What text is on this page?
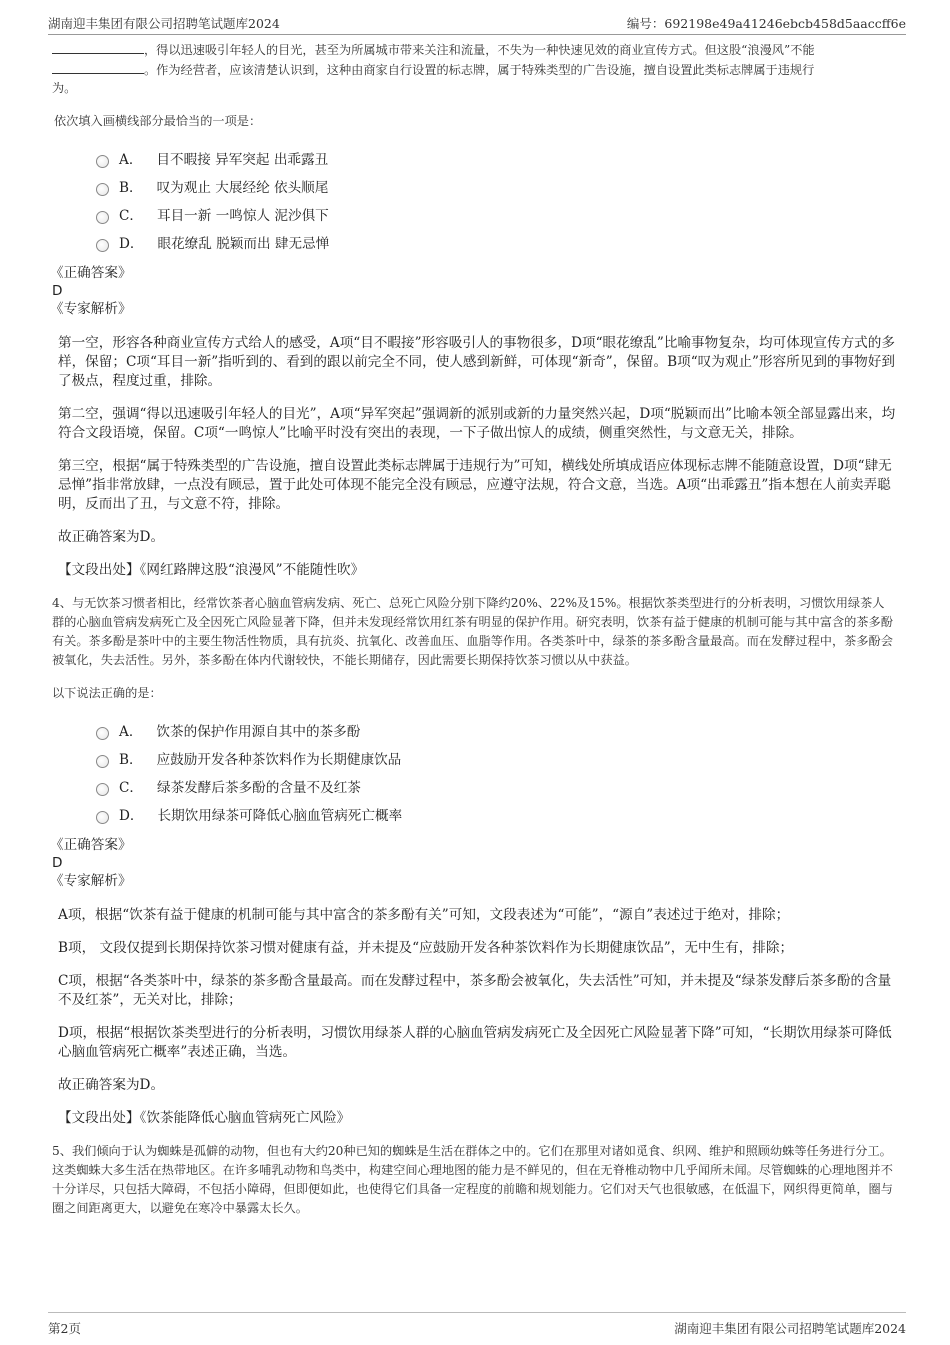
湖南迎丰集团有限公司招聘笔试题库2024	编号：692198e49a41246ebcb458d5aaccff6e
，得以迅速吸引年轻人的目光，甚至为所属城市带来关注和流量，不失为一种快速见效的商业宣传方式。但这股“浪漫风”不能
。作为经营者，应该清楚认识到，这种由商家自行设置的标志牌，属于特殊类型的广告设施，擅自设置此类标志牌属于违规行
为。
依次填入画横线部分最恰当的一项是：
A． 目不暇接 异军突起 出乖露丑
B． 叹为观止 大展经纶 依头顺尾
C． 耳目一新 一鸣惊人 泥沙俱下
D． 眼花缭乱 脱颖而出 肆无忌惮
《正确答案》
D
《专家解析》
第一空，形容各种商业宣传方式给人的感受，A项“目不暇接”形容吸引人的事物很多，D项“眼花缭乱”比喻事物复杂，均可体现宣传方式的多样，保留；C项“耳目一新”指听到的、看到的跟以前完全不同，使人感到新鲜，可体现“新奇”，保留。B项“叹为观止”形容所见到的事物好到了极点，程度过重，排除。
第二空，强调“得以迅速吸引年轻人的目光”，A项“异军突起”强调新的派别或新的力量突然兴起，D项“脱颖而出”比喻本领全部显露出来，均符合文段语境，保留。C项“一鸣惊人”比喻平时没有突出的表现，一下子做出惊人的成绩，侧重突然性，与文意无关，排除。
第三空，根据“属于特殊类型的广告设施，擅自设置此类标志牌属于违规行为”可知，横线处所填成语应体现标志牌不能随意设置，D项“肆无忌惮”指非常放肆，一点没有顾忌，置于此处可体现不能完全没有顾忌，应遵守法规，符合文意，当选。A项“出乖露丑”指本想在人前卖弄聪明，反而出了丑，与文意不符，排除。
故正确答案为D。
【文段出处】《网红路牌这股“浪漫风”不能随性吹》
4、与无饮茶习惯者相比，经常饮茶者心脑血管病发病、死亡、总死亡风险分别下降约20%、22%及15%。根据饮茶类型进行的分析表明，习惯饮用绿茶人群的心脑血管病发病死亡及全因死亡风险显著下降，但并未发现经常饮用红茶有明显的保护作用。研究表明，饮茶有益于健康的机制可能与其中富含的茶多酚有关。茶多酚是茶叶中的主要生物活性物质，具有抗炎、抗氧化、改善血压、血脂等作用。各类茶叶中，绿茶的茶多酚含量最高。而在发酵过程中，茶多酚会被氧化，失去活性。另外，茶多酚在体内代谢较快，不能长期储存，因此需要长期保持饮茶习惯以从中获益。
以下说法正确的是：
A． 饮茶的保护作用源自其中的茶多酚
B． 应鼓励开发各种茶饮料作为长期健康饮品
C． 绿茶发酵后茶多酚的含量不及红茶
D． 长期饮用绿茶可降低心脑血管病死亡概率
《正确答案》
D
《专家解析》
A项，根据“饮茶有益于健康的机制可能与其中富含的茶多酚有关”可知，文段表述为“可能”，“源自”表述过于绝对，排除；
B项， 文段仅提到长期保持饮茶习惯对健康有益，并未提及“应鼓励开发各种茶饮料作为长期健康饮品”，无中生有，排除；
C项，根据“各类茶叶中，绿茶的茶多酚含量最高。而在发酵过程中，茶多酚会被氧化，失去活性”可知，并未提及“绿茶发酵后茶多酚的含量不及红茶”，无关对比，排除；
D项，根据“根据饮茶类型进行的分析表明，习惯饮用绿茶人群的心脑血管病发病死亡及全因死亡风险显著下降”可知，“长期饮用绿茶可降低心脑血管病死亡概率”表述正确，当选。
故正确答案为D。
【文段出处】《饮茶能降低心脑血管病死亡风险》
5、我们倾向于认为蜘蛛是孤僻的动物，但也有大约20种已知的蜘蛛是生活在群体之中的。它们在那里对诸如觅食、织网、维护和照顾幼蛛等任务进行分工。这类蜘蛛大多生活在热带地区。在许多哺乳动物和鸟类中，构建空间心理地图的能力是不鲜见的，但在无脊椎动物中几乎闻所未闻。尽管蜘蛛的心理地图并不十分详尽，只包括大障碍，不包括小障碍，但即便如此，也使得它们具备一定程度的前瞻和规划能力。它们对天气也很敏感，在低温下，网织得更简单，圈与圈之间距离更大，以避免在寒冷中暴露太长久。
第2页	湖南迎丰集团有限公司招聘笔试题库2024
